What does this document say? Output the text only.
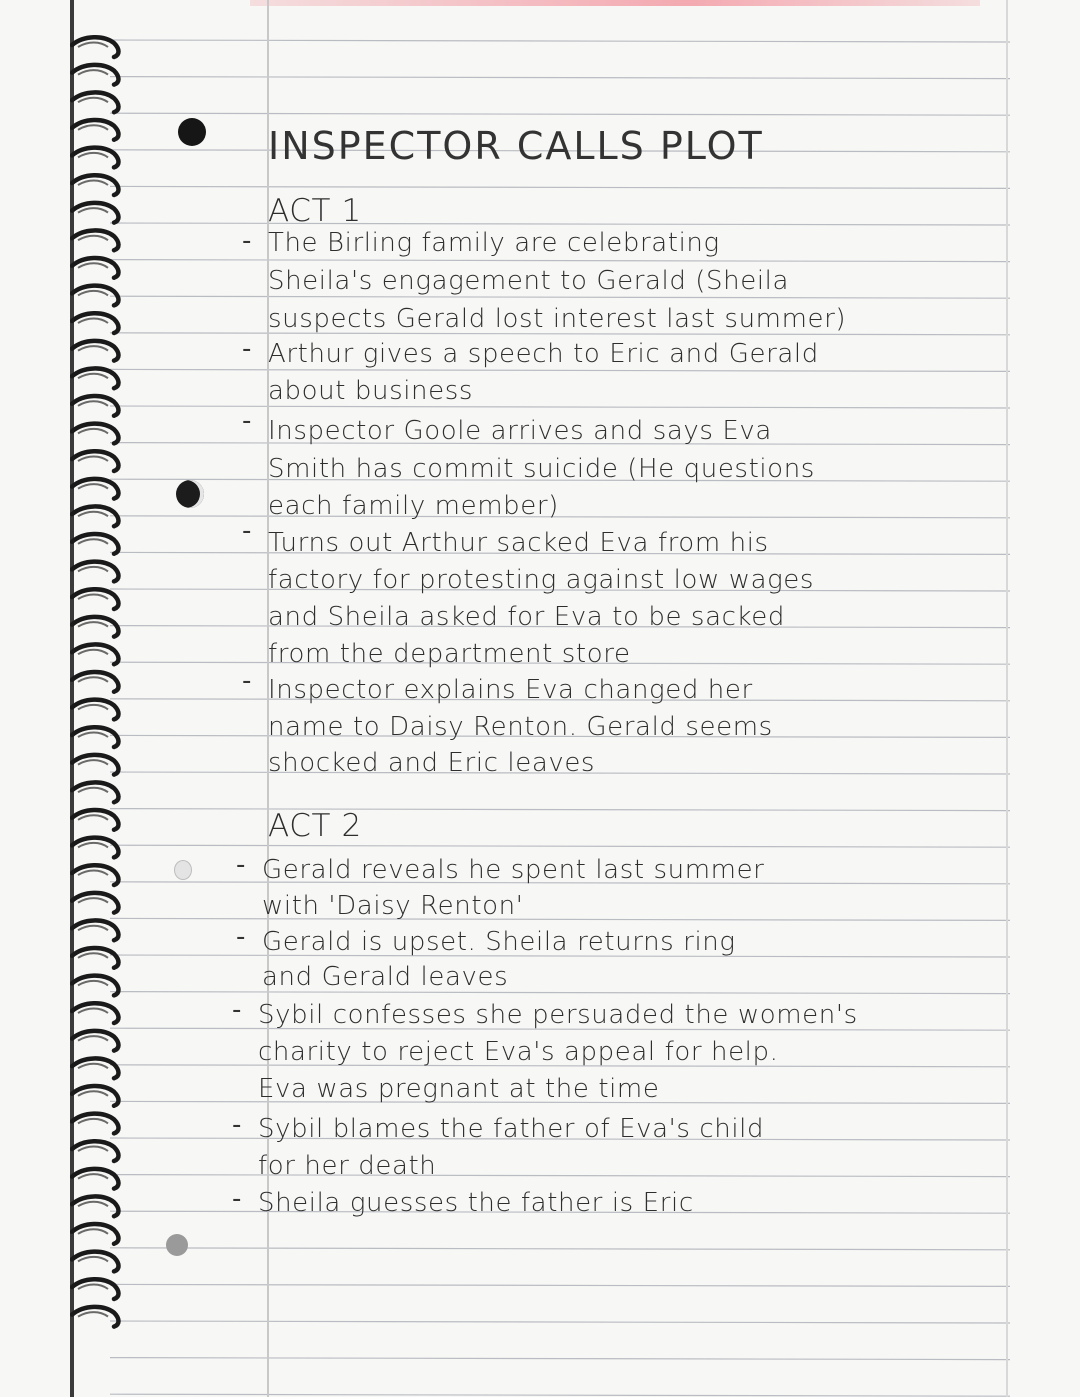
INSPECTOR CALLS PLOT
ACT 1
- The Birling family are celebrating
Sheila's engagement to Gerald (Sheila
suspects Gerald lost interest last summer)
- Arthur gives a speech to Eric and Gerald
about business
- Inspector Goole arrives and says Eva
Smith has commit suicide (He questions
each family member)
- Turns out Arthur sacked Eva from his
factory for protesting against low wages
and Sheila asked for Eva to be sacked
from the department store
- Inspector explains Eva changed her
name to Daisy Renton. Gerald seems
shocked and Eric leaves
ACT 2
- Gerald reveals he spent last summer
with 'Daisy Renton'
- Gerald is upset. Sheila returns ring
and Gerald leaves
- Sybil confesses she persuaded the women's
charity to reject Eva's appeal for help.
Eva was pregnant at the time
- Sybil blames the father of Eva's child
for her death
- Sheila guesses the father is Eric
